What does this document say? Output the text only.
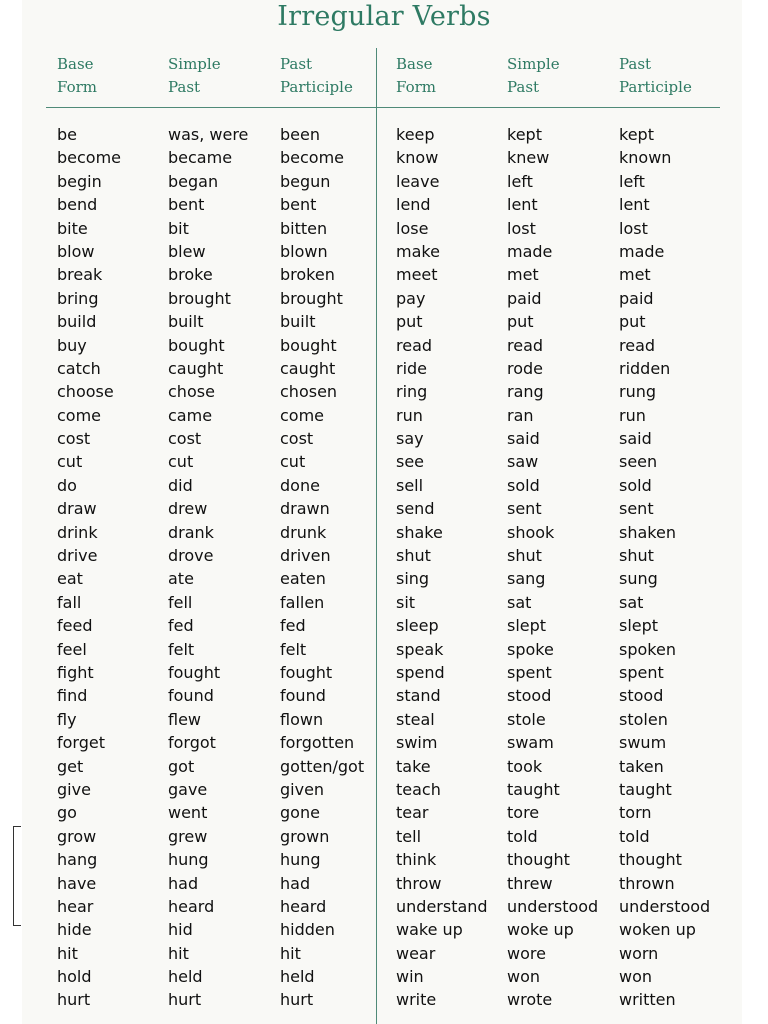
Irregular Verbs
Base
Form
Simple
Past
Past
Participle
Base
Form
Simple
Past
Past
Participle
be
become
begin
bend
bite
blow
break
bring
build
buy
catch
choose
come
cost
cut
do
draw
drink
drive
eat
fall
feed
feel
fight
find
fly
forget
get
give
go
grow
hang
have
hear
hide
hit
hold
hurt
was, were
became
began
bent
bit
blew
broke
brought
built
bought
caught
chose
came
cost
cut
did
drew
drank
drove
ate
fell
fed
felt
fought
found
flew
forgot
got
gave
went
grew
hung
had
heard
hid
hit
held
hurt
been
become
begun
bent
bitten
blown
broken
brought
built
bought
caught
chosen
come
cost
cut
done
drawn
drunk
driven
eaten
fallen
fed
felt
fought
found
flown
forgotten
gotten/got
given
gone
grown
hung
had
heard
hidden
hit
held
hurt
keep
know
leave
lend
lose
make
meet
pay
put
read
ride
ring
run
say
see
sell
send
shake
shut
sing
sit
sleep
speak
spend
stand
steal
swim
take
teach
tear
tell
think
throw
understand
wake up
wear
win
write
kept
knew
left
lent
lost
made
met
paid
put
read
rode
rang
ran
said
saw
sold
sent
shook
shut
sang
sat
slept
spoke
spent
stood
stole
swam
took
taught
tore
told
thought
threw
understood
woke up
wore
won
wrote
kept
known
left
lent
lost
made
met
paid
put
read
ridden
rung
run
said
seen
sold
sent
shaken
shut
sung
sat
slept
spoken
spent
stood
stolen
swum
taken
taught
torn
told
thought
thrown
understood
woken up
worn
won
written
